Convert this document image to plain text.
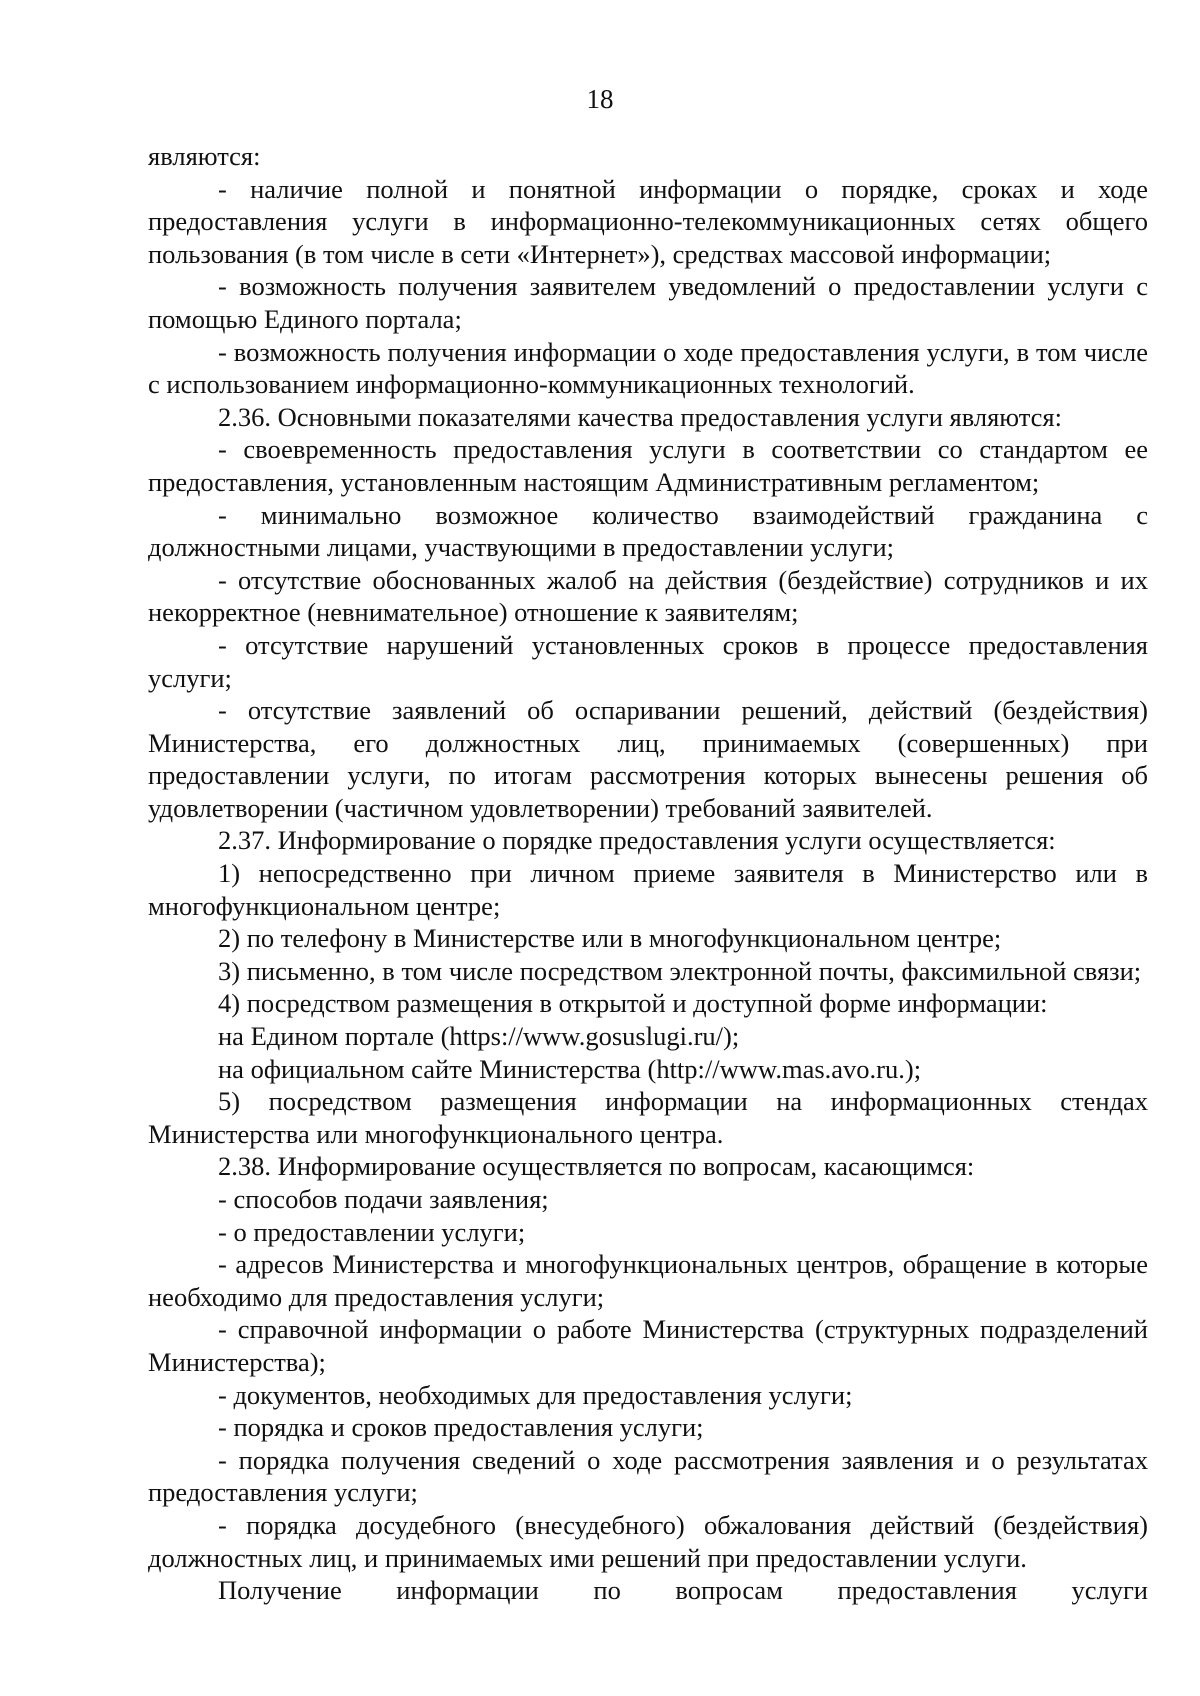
18

являются:

- наличие полной и понятной информации о порядке, сроках и ходе предоставления услуги в информационно-телекоммуникационных сетях общего пользования (в том числе в сети «Интернет»), средствах массовой информации;

- возможность получения заявителем уведомлений о предоставлении услуги с помощью Единого портала;

- возможность получения информации о ходе предоставления услуги, в том числе с использованием информационно-коммуникационных технологий.

2.36. Основными показателями качества предоставления услуги являются:

- своевременность предоставления услуги в соответствии со стандартом ее предоставления, установленным настоящим Административным регламентом;

- минимально возможное количество взаимодействий гражданина с должностными лицами, участвующими в предоставлении услуги;

- отсутствие обоснованных жалоб на действия (бездействие) сотрудников и их некорректное (невнимательное) отношение к заявителям;

- отсутствие нарушений установленных сроков в процессе предоставления услуги;

- отсутствие заявлений об оспаривании решений, действий (бездействия) Министерства, его должностных лиц, принимаемых (совершенных) при предоставлении услуги, по итогам рассмотрения которых вынесены решения об удовлетворении (частичном удовлетворении) требований заявителей.

2.37. Информирование о порядке предоставления услуги осуществляется:

1) непосредственно при личном приеме заявителя в Министерство или в многофункциональном центре;

2) по телефону в Министерстве или в многофункциональном центре;

3) письменно, в том числе посредством электронной почты, факсимильной связи;

4) посредством размещения в открытой и доступной форме информации:

на Едином портале (https://www.gosuslugi.ru/);

на официальном сайте Министерства (http://www.mas.avo.ru.);

5) посредством размещения информации на информационных стендах Министерства или многофункционального центра.

2.38. Информирование осуществляется по вопросам, касающимся:

- способов подачи заявления;

- о предоставлении услуги;

- адресов Министерства и многофункциональных центров, обращение в которые необходимо для предоставления услуги;

- справочной информации о работе Министерства (структурных подразделений Министерства);

- документов, необходимых для предоставления услуги;

- порядка и сроков предоставления услуги;

- порядка получения сведений о ходе рассмотрения заявления и о результатах предоставления услуги;

- порядка досудебного (внесудебного) обжалования действий (бездействия) должностных лиц, и принимаемых ими решений при предоставлении услуги.

Получение информации по вопросам предоставления услуги
